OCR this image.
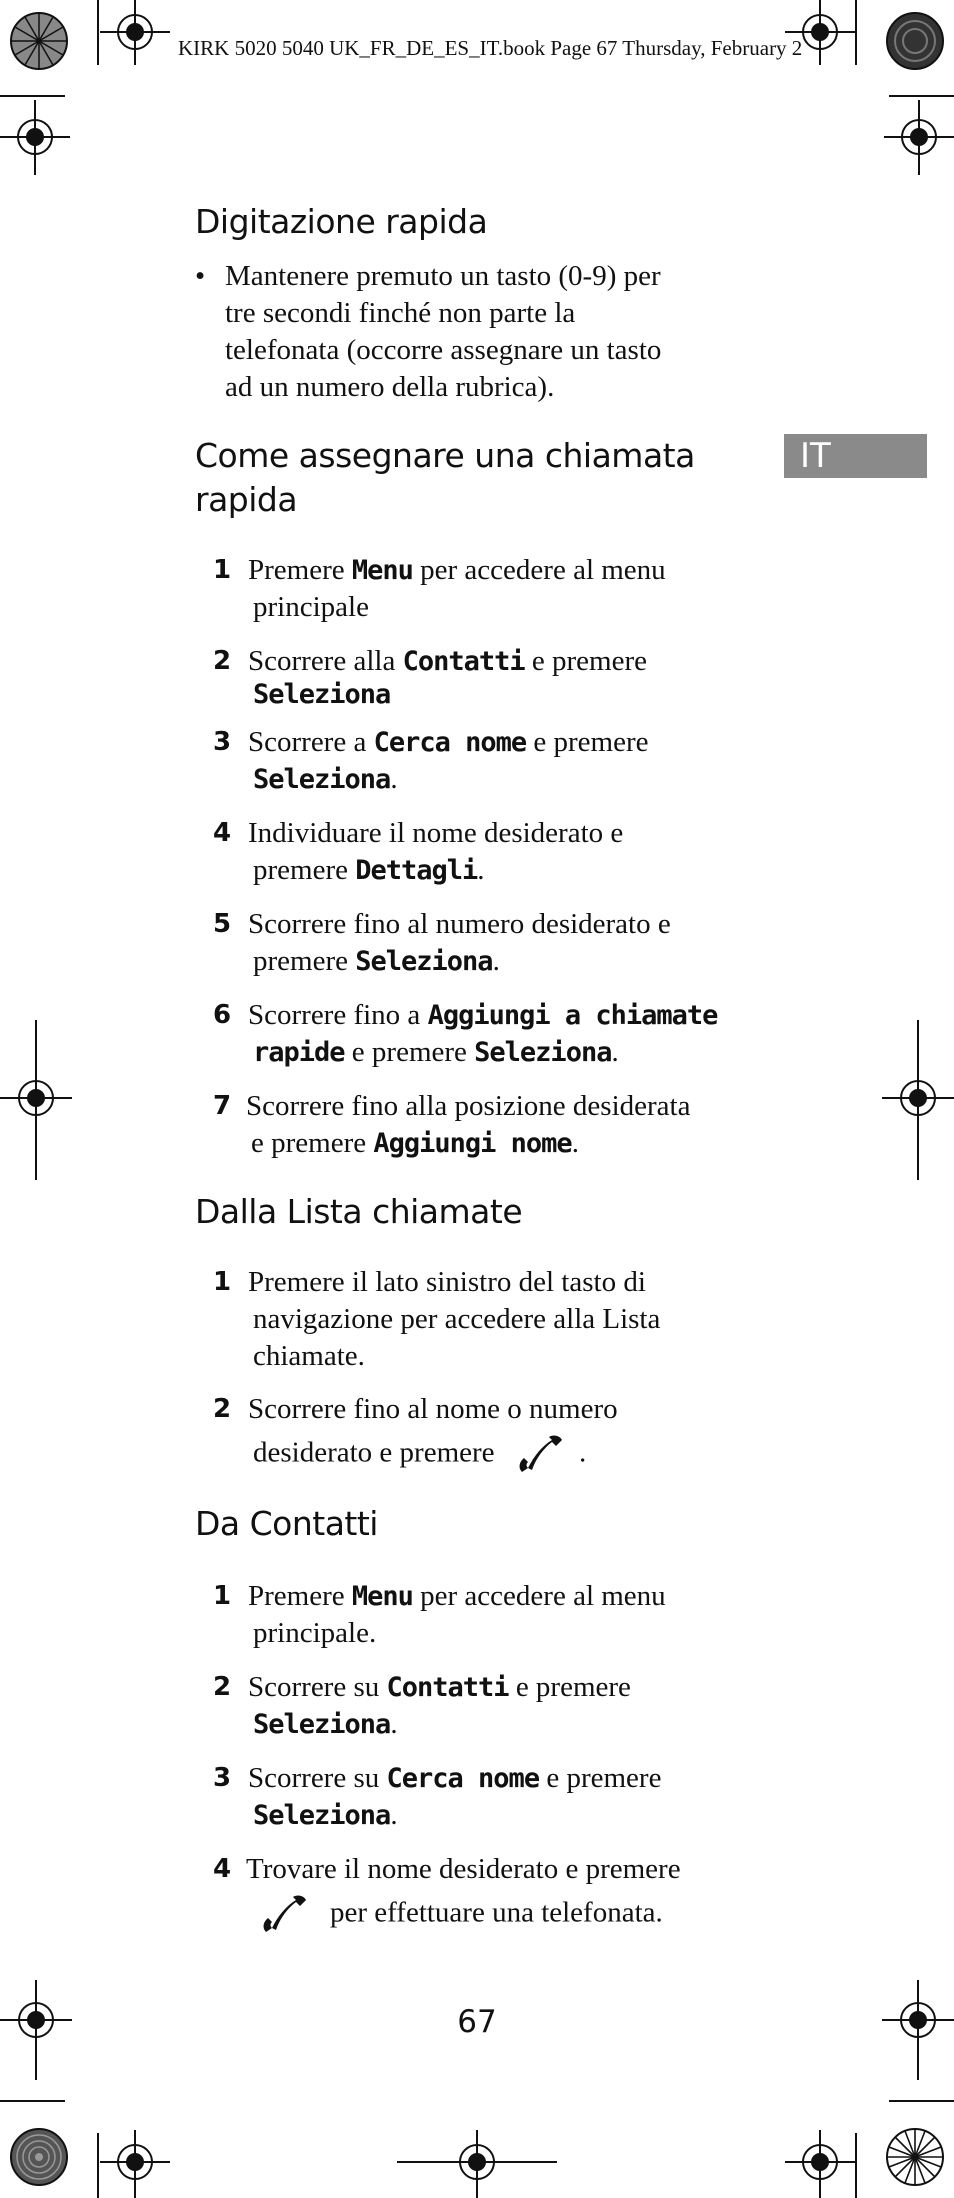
KIRK 5020 5040 UK_FR_DE_ES_IT.book Page 67 Thursday, February 2
IT
Digitazione rapida
• Mantenere premuto un tasto (0-9) per
tre secondi finché non parte la
telefonata (occorre assegnare un tasto
ad un numero della rubrica).
Come assegnare una chiamata
rapida
1 Premere Menu per accedere al menu
principale
2 Scorrere alla Contatti e premere
Seleziona
3 Scorrere a Cerca nome e premere
Seleziona.
4 Individuare il nome desiderato e
premere Dettagli.
5 Scorrere fino al numero desiderato e
premere Seleziona.
6 Scorrere fino a Aggiungi a chiamate
rapide e premere Seleziona.
7 Scorrere fino alla posizione desiderata
e premere Aggiungi nome.
Dalla Lista chiamate
1 Premere il lato sinistro del tasto di
navigazione per accedere alla Lista
chiamate.
2 Scorrere fino al nome o numero
desiderato e premere	.
Da Contatti
1 Premere Menu per accedere al menu
principale.
2 Scorrere su Contatti e premere
Seleziona.
3 Scorrere su Cerca nome e premere
Seleziona.
4 Trovare il nome desiderato e premere
per effettuare una telefonata.
67
